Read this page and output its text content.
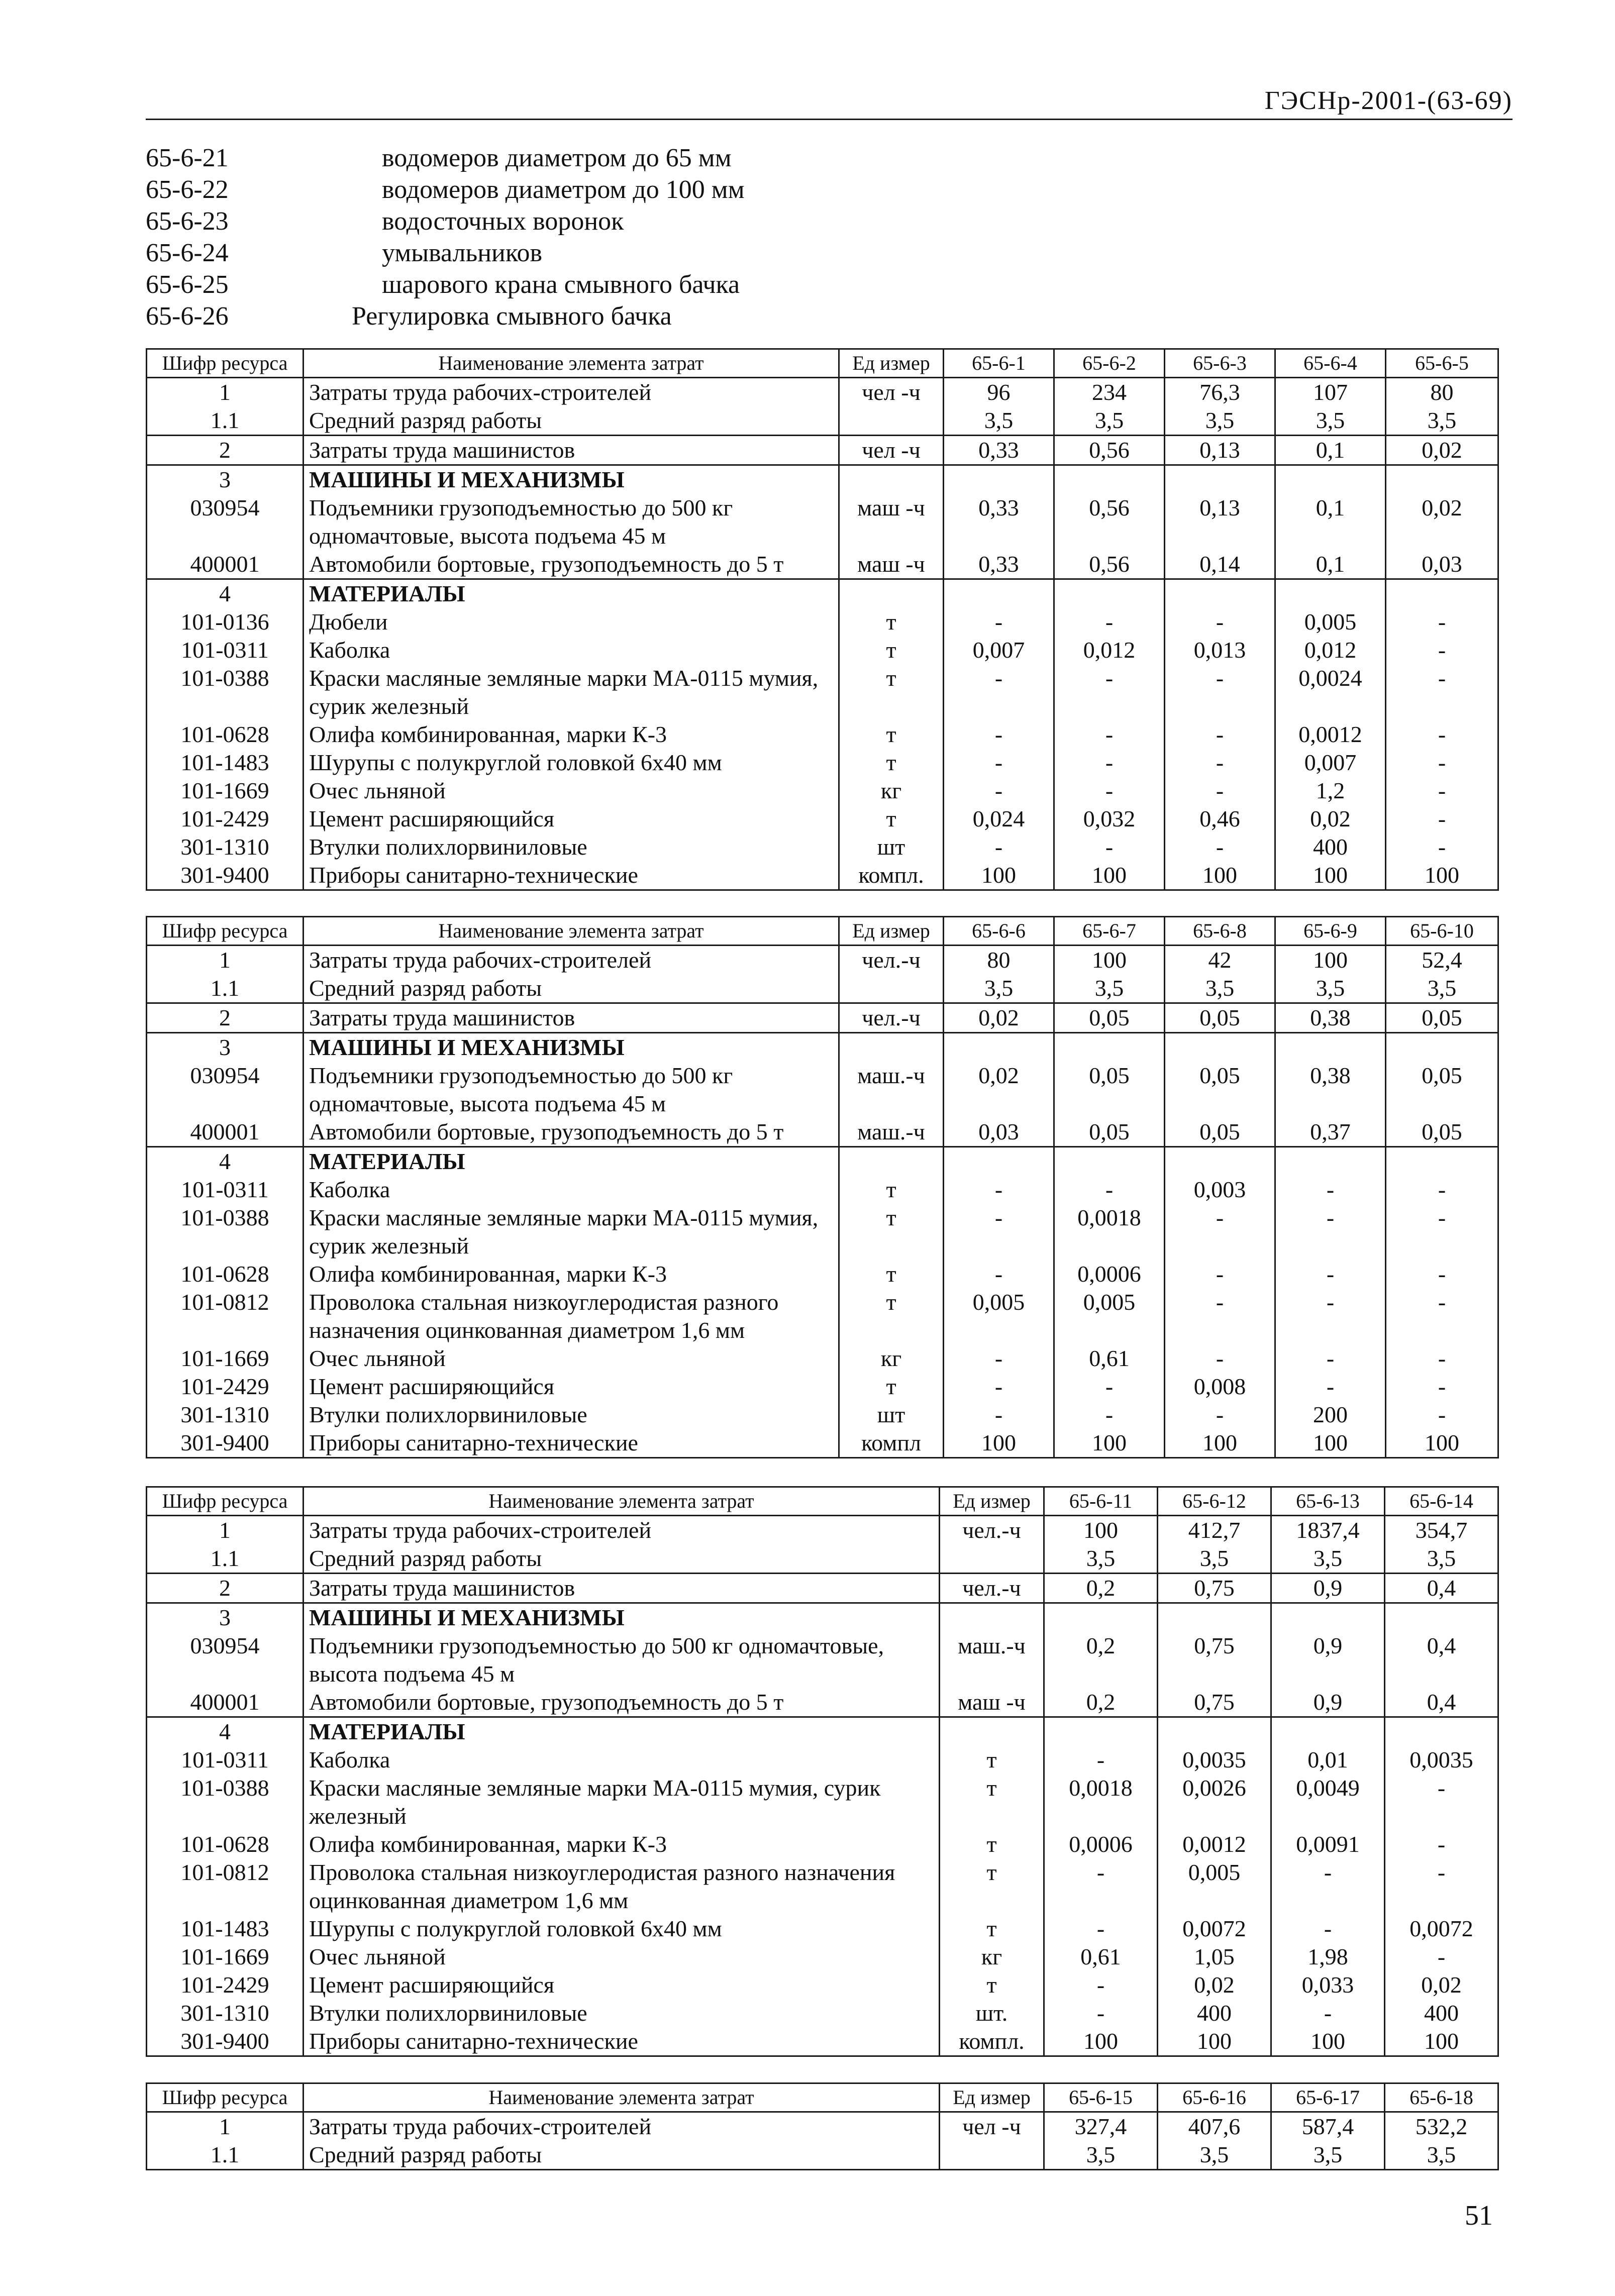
ГЭСНр-2001-(63-69)
65-6-21	водомеров диаметром до 65 мм
65-6-22	водомеров диаметром до 100 мм
65-6-23	водосточных воронок
65-6-24	умывальников
65-6-25	шарового крана смывного бачка
65-6-26	Регулировка смывного бачка
Шифр ресурса	Наименование элемента затрат	Ед измер	65-6-1	65-6-2	65-6-3	65-6-4	65-6-5
1	Затраты труда рабочих-строителей	чел -ч	96	234	76,3	107	80
1.1	Средний разряд работы		3,5	3,5	3,5	3,5	3,5
2	Затраты труда машинистов	чел -ч	0,33	0,56	0,13	0,1	0,02
3	МАШИНЫ И МЕХАНИЗМЫ						
030954	Подъемники грузоподъемностью до 500 кг одномачтовые, высота подъема 45 м	маш -ч	0,33	0,56	0,13	0,1	0,02
400001	Автомобили бортовые, грузоподъемность до 5 т	маш -ч	0,33	0,56	0,14	0,1	0,03
4	МАТЕРИАЛЫ						
101-0136	Дюбели	т	-	-	-	0,005	-
101-0311	Каболка	т	0,007	0,012	0,013	0,012	-
101-0388	Краски масляные земляные марки МА-0115 мумия, сурик железный	т	-	-	-	0,0024	-
101-0628	Олифа комбинированная, марки К-3	т	-	-	-	0,0012	-
101-1483	Шурупы с полукруглой головкой 6х40 мм	т	-	-	-	0,007	-
101-1669	Очес льняной	кг	-	-	-	1,2	-
101-2429	Цемент расширяющийся	т	0,024	0,032	0,46	0,02	-
301-1310	Втулки полихлорвиниловые	шт	-	-	-	400	-
301-9400	Приборы санитарно-технические	компл.	100	100	100	100	100
Шифр ресурса	Наименование элемента затрат	Ед измер	65-6-6	65-6-7	65-6-8	65-6-9	65-6-10
1	Затраты труда рабочих-строителей	чел.-ч	80	100	42	100	52,4
1.1	Средний разряд работы		3,5	3,5	3,5	3,5	3,5
2	Затраты труда машинистов	чел.-ч	0,02	0,05	0,05	0,38	0,05
3	МАШИНЫ И МЕХАНИЗМЫ						
030954	Подъемники грузоподъемностью до 500 кг одномачтовые, высота подъема 45 м	маш.-ч	0,02	0,05	0,05	0,38	0,05
400001	Автомобили бортовые, грузоподъемность до 5 т	маш.-ч	0,03	0,05	0,05	0,37	0,05
4	МАТЕРИАЛЫ						
101-0311	Каболка	т	-	-	0,003	-	-
101-0388	Краски масляные земляные марки МА-0115 мумия, сурик железный	т	-	0,0018	-	-	-
101-0628	Олифа комбинированная, марки К-3	т	-	0,0006	-	-	-
101-0812	Проволока стальная низкоуглеродистая разного назначения оцинкованная диаметром 1,6 мм	т	0,005	0,005	-	-	-
101-1669	Очес льняной	кг	-	0,61	-	-	-
101-2429	Цемент расширяющийся	т	-	-	0,008	-	-
301-1310	Втулки полихлорвиниловые	шт	-	-	-	200	-
301-9400	Приборы санитарно-технические	компл	100	100	100	100	100
Шифр ресурса	Наименование элемента затрат	Ед измер	65-6-11	65-6-12	65-6-13	65-6-14
1	Затраты труда рабочих-строителей	чел.-ч	100	412,7	1837,4	354,7
1.1	Средний разряд работы		3,5	3,5	3,5	3,5
2	Затраты труда машинистов	чел.-ч	0,2	0,75	0,9	0,4
3	МАШИНЫ И МЕХАНИЗМЫ					
030954	Подъемники грузоподъемностью до 500 кг одномачтовые, высота подъема 45 м	маш.-ч	0,2	0,75	0,9	0,4
400001	Автомобили бортовые, грузоподъемность до 5 т	маш -ч	0,2	0,75	0,9	0,4
4	МАТЕРИАЛЫ					
101-0311	Каболка	т	-	0,0035	0,01	0,0035
101-0388	Краски масляные земляные марки МА-0115 мумия, сурик железный	т	0,0018	0,0026	0,0049	-
101-0628	Олифа комбинированная, марки К-3	т	0,0006	0,0012	0,0091	-
101-0812	Проволока стальная низкоуглеродистая разного назначения оцинкованная диаметром 1,6 мм	т	-	0,005	-	-
101-1483	Шурупы с полукруглой головкой 6х40 мм	т	-	0,0072	-	0,0072
101-1669	Очес льняной	кг	0,61	1,05	1,98	-
101-2429	Цемент расширяющийся	т	-	0,02	0,033	0,02
301-1310	Втулки полихлорвиниловые	шт.	-	400	-	400
301-9400	Приборы санитарно-технические	компл.	100	100	100	100
Шифр ресурса	Наименование элемента затрат	Ед измер	65-6-15	65-6-16	65-6-17	65-6-18
1	Затраты труда рабочих-строителей	чел -ч	327,4	407,6	587,4	532,2
1.1	Средний разряд работы		3,5	3,5	3,5	3,5
51
